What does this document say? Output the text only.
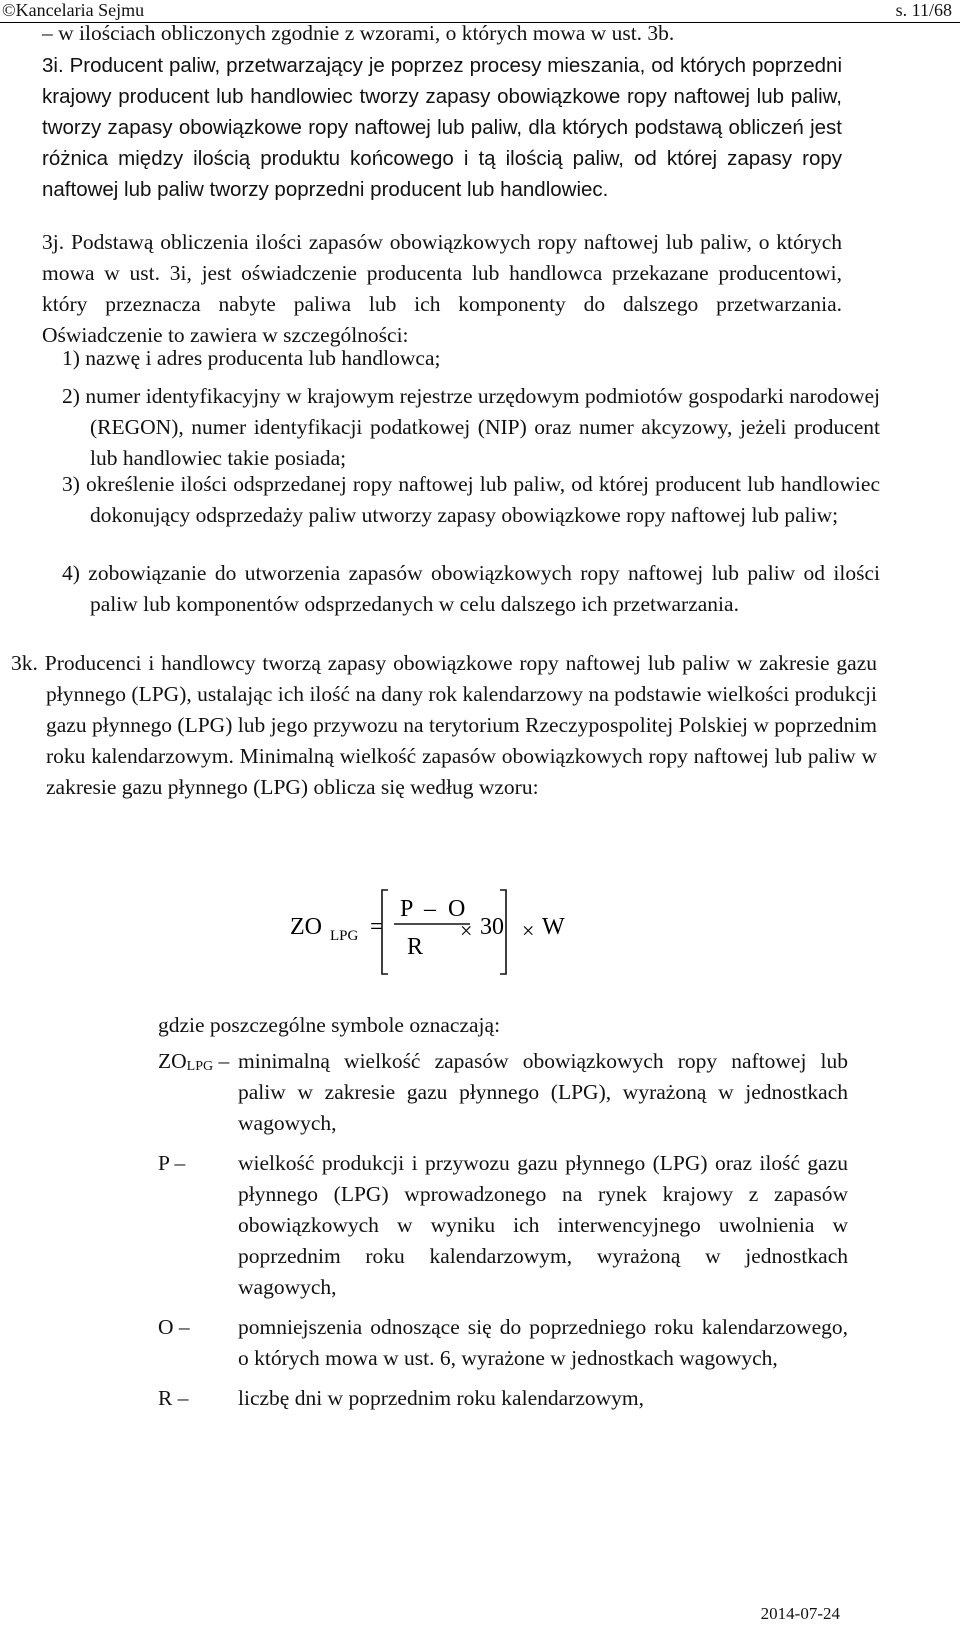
©Kancelaria Sejmu	s. 11/68
– w ilościach obliczonych zgodnie z wzorami, o których mowa w ust. 3b.
3i. Producent paliw, przetwarzający je poprzez procesy mieszania, od których poprzedni krajowy producent lub handlowiec tworzy zapasy obowiązkowe ropy naftowej lub paliw, tworzy zapasy obowiązkowe ropy naftowej lub paliw, dla których podstawą obliczeń jest różnica między ilością produktu końcowego i tą ilością paliw, od której zapasy ropy naftowej lub paliw tworzy poprzedni producent lub handlowiec.
3j. Podstawą obliczenia ilości zapasów obowiązkowych ropy naftowej lub paliw, o których mowa w ust. 3i, jest oświadczenie producenta lub handlowca przekazane producentowi, który przeznacza nabyte paliwa lub ich komponenty do dalszego przetwarzania. Oświadczenie to zawiera w szczególności:
1) nazwę i adres producenta lub handlowca;
2) numer identyfikacyjny w krajowym rejestrze urzędowym podmiotów gospodarki narodowej (REGON), numer identyfikacji podatkowej (NIP) oraz numer akcyzowy, jeżeli producent lub handlowiec takie posiada;
3) określenie ilości odsprzedanej ropy naftowej lub paliw, od której producent lub handlowiec dokonujący odsprzedaży paliw utworzy zapasy obowiązkowe ropy naftowej lub paliw;
4) zobowiązanie do utworzenia zapasów obowiązkowych ropy naftowej lub paliw od ilości paliw lub komponentów odsprzedanych w celu dalszego ich przetwarzania.
3k. Producenci i handlowcy tworzą zapasy obowiązkowe ropy naftowej lub paliw w zakresie gazu płynnego (LPG), ustalając ich ilość na dany rok kalendarzowy na podstawie wielkości produkcji gazu płynnego (LPG) lub jego przywozu na terytorium Rzeczypospolitej Polskiej w poprzednim roku kalendarzowym. Minimalną wielkość zapasów obowiązkowych ropy naftowej lub paliw w zakresie gazu płynnego (LPG) oblicza się według wzoru:
ZO LPG =
P – O
R
× 30 × W
gdzie poszczególne symbole oznaczają:
$ZO_{LPG}$ – minimalną wielkość zapasów obowiązkowych ropy naftowej lub paliw w zakresie gazu płynnego (LPG), wyrażoną w jednostkach wagowych,
P –	wielkość produkcji i przywozu gazu płynnego (LPG) oraz ilość gazu płynnego (LPG) wprowadzonego na rynek krajowy z zapasów obowiązkowych w wyniku ich interwencyjnego uwolnienia w poprzednim roku kalendarzowym, wyrażoną w jednostkach wagowych,
O –	pomniejszenia odnoszące się do poprzedniego roku kalendarzowego, o których mowa w ust. 6, wyrażone w jednostkach wagowych,
R –	liczbę dni w poprzednim roku kalendarzowym,
2014-07-24
